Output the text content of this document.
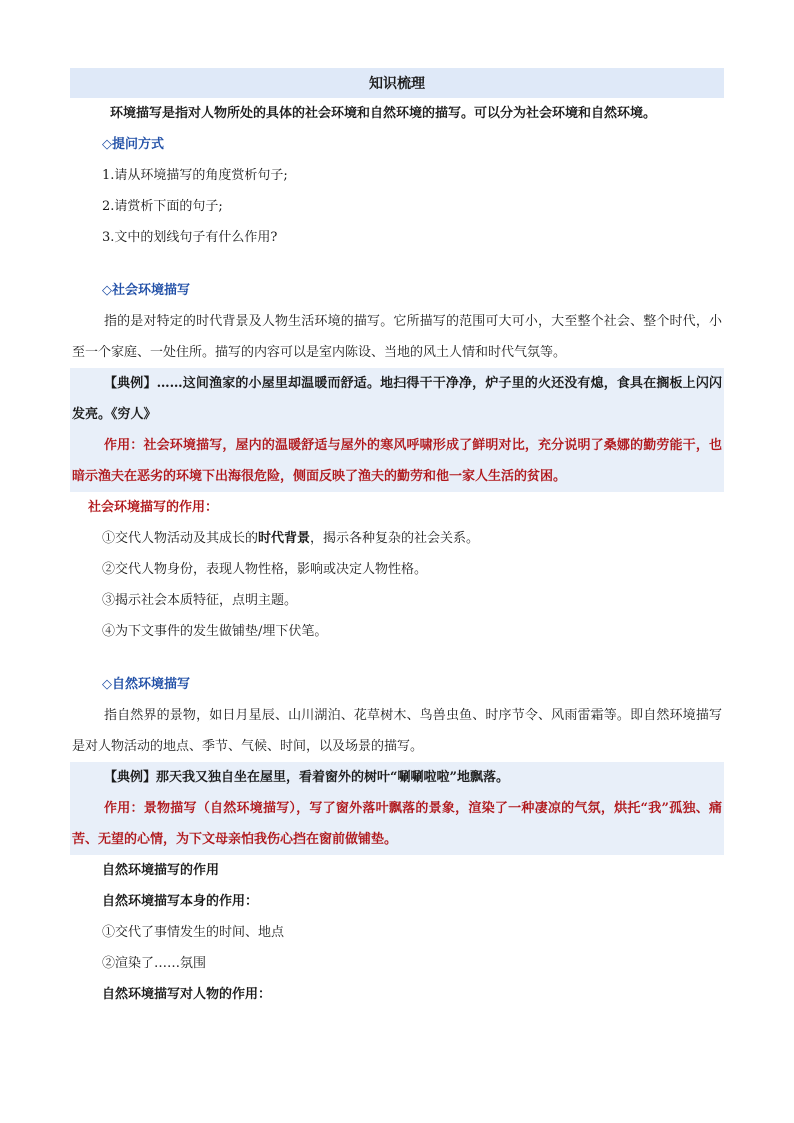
知识梳理
环境描写是指对人物所处的具体的社会环境和自然环境的描写。可以分为社会环境和自然环境。
◇提问方式
1.请从环境描写的角度赏析句子;
2.请赏析下面的句子;
3.文中的划线句子有什么作用?
◇社会环境描写
指的是对特定的时代背景及人物生活环境的描写。它所描写的范围可大可小，大至整个社会、整个时代，小至一个家庭、一处住所。描写的内容可以是室内陈设、当地的风土人情和时代气氛等。
【典例】……这间渔家的小屋里却温暖而舒适。地扫得干干净净，炉子里的火还没有熄，食具在搁板上闪闪发亮。《穷人》
作用：社会环境描写，屋内的温暖舒适与屋外的寒风呼啸形成了鲜明对比，充分说明了桑娜的勤劳能干，也暗示渔夫在恶劣的环境下出海很危险，侧面反映了渔夫的勤劳和他一家人生活的贫困。
社会环境描写的作用：
①交代人物活动及其成长的时代背景，揭示各种复杂的社会关系。
②交代人物身份，表现人物性格，影响或决定人物性格。
③揭示社会本质特征，点明主题。
④为下文事件的发生做铺垫/埋下伏笔。
◇自然环境描写
指自然界的景物，如日月星辰、山川湖泊、花草树木、鸟兽虫鱼、时序节令、风雨雷霜等。即自然环境描写是对人物活动的地点、季节、气候、时间，以及场景的描写。
【典例】那天我又独自坐在屋里，看着窗外的树叶“唰唰啦啦”地飘落。
作用：景物描写（自然环境描写），写了窗外落叶飘落的景象，渲染了一种凄凉的气氛，烘托“我”孤独、痛苦、无望的心情，为下文母亲怕我伤心挡在窗前做铺垫。
自然环境描写的作用
自然环境描写本身的作用：
①交代了事情发生的时间、地点
②渲染了……氛围
自然环境描写对人物的作用：
